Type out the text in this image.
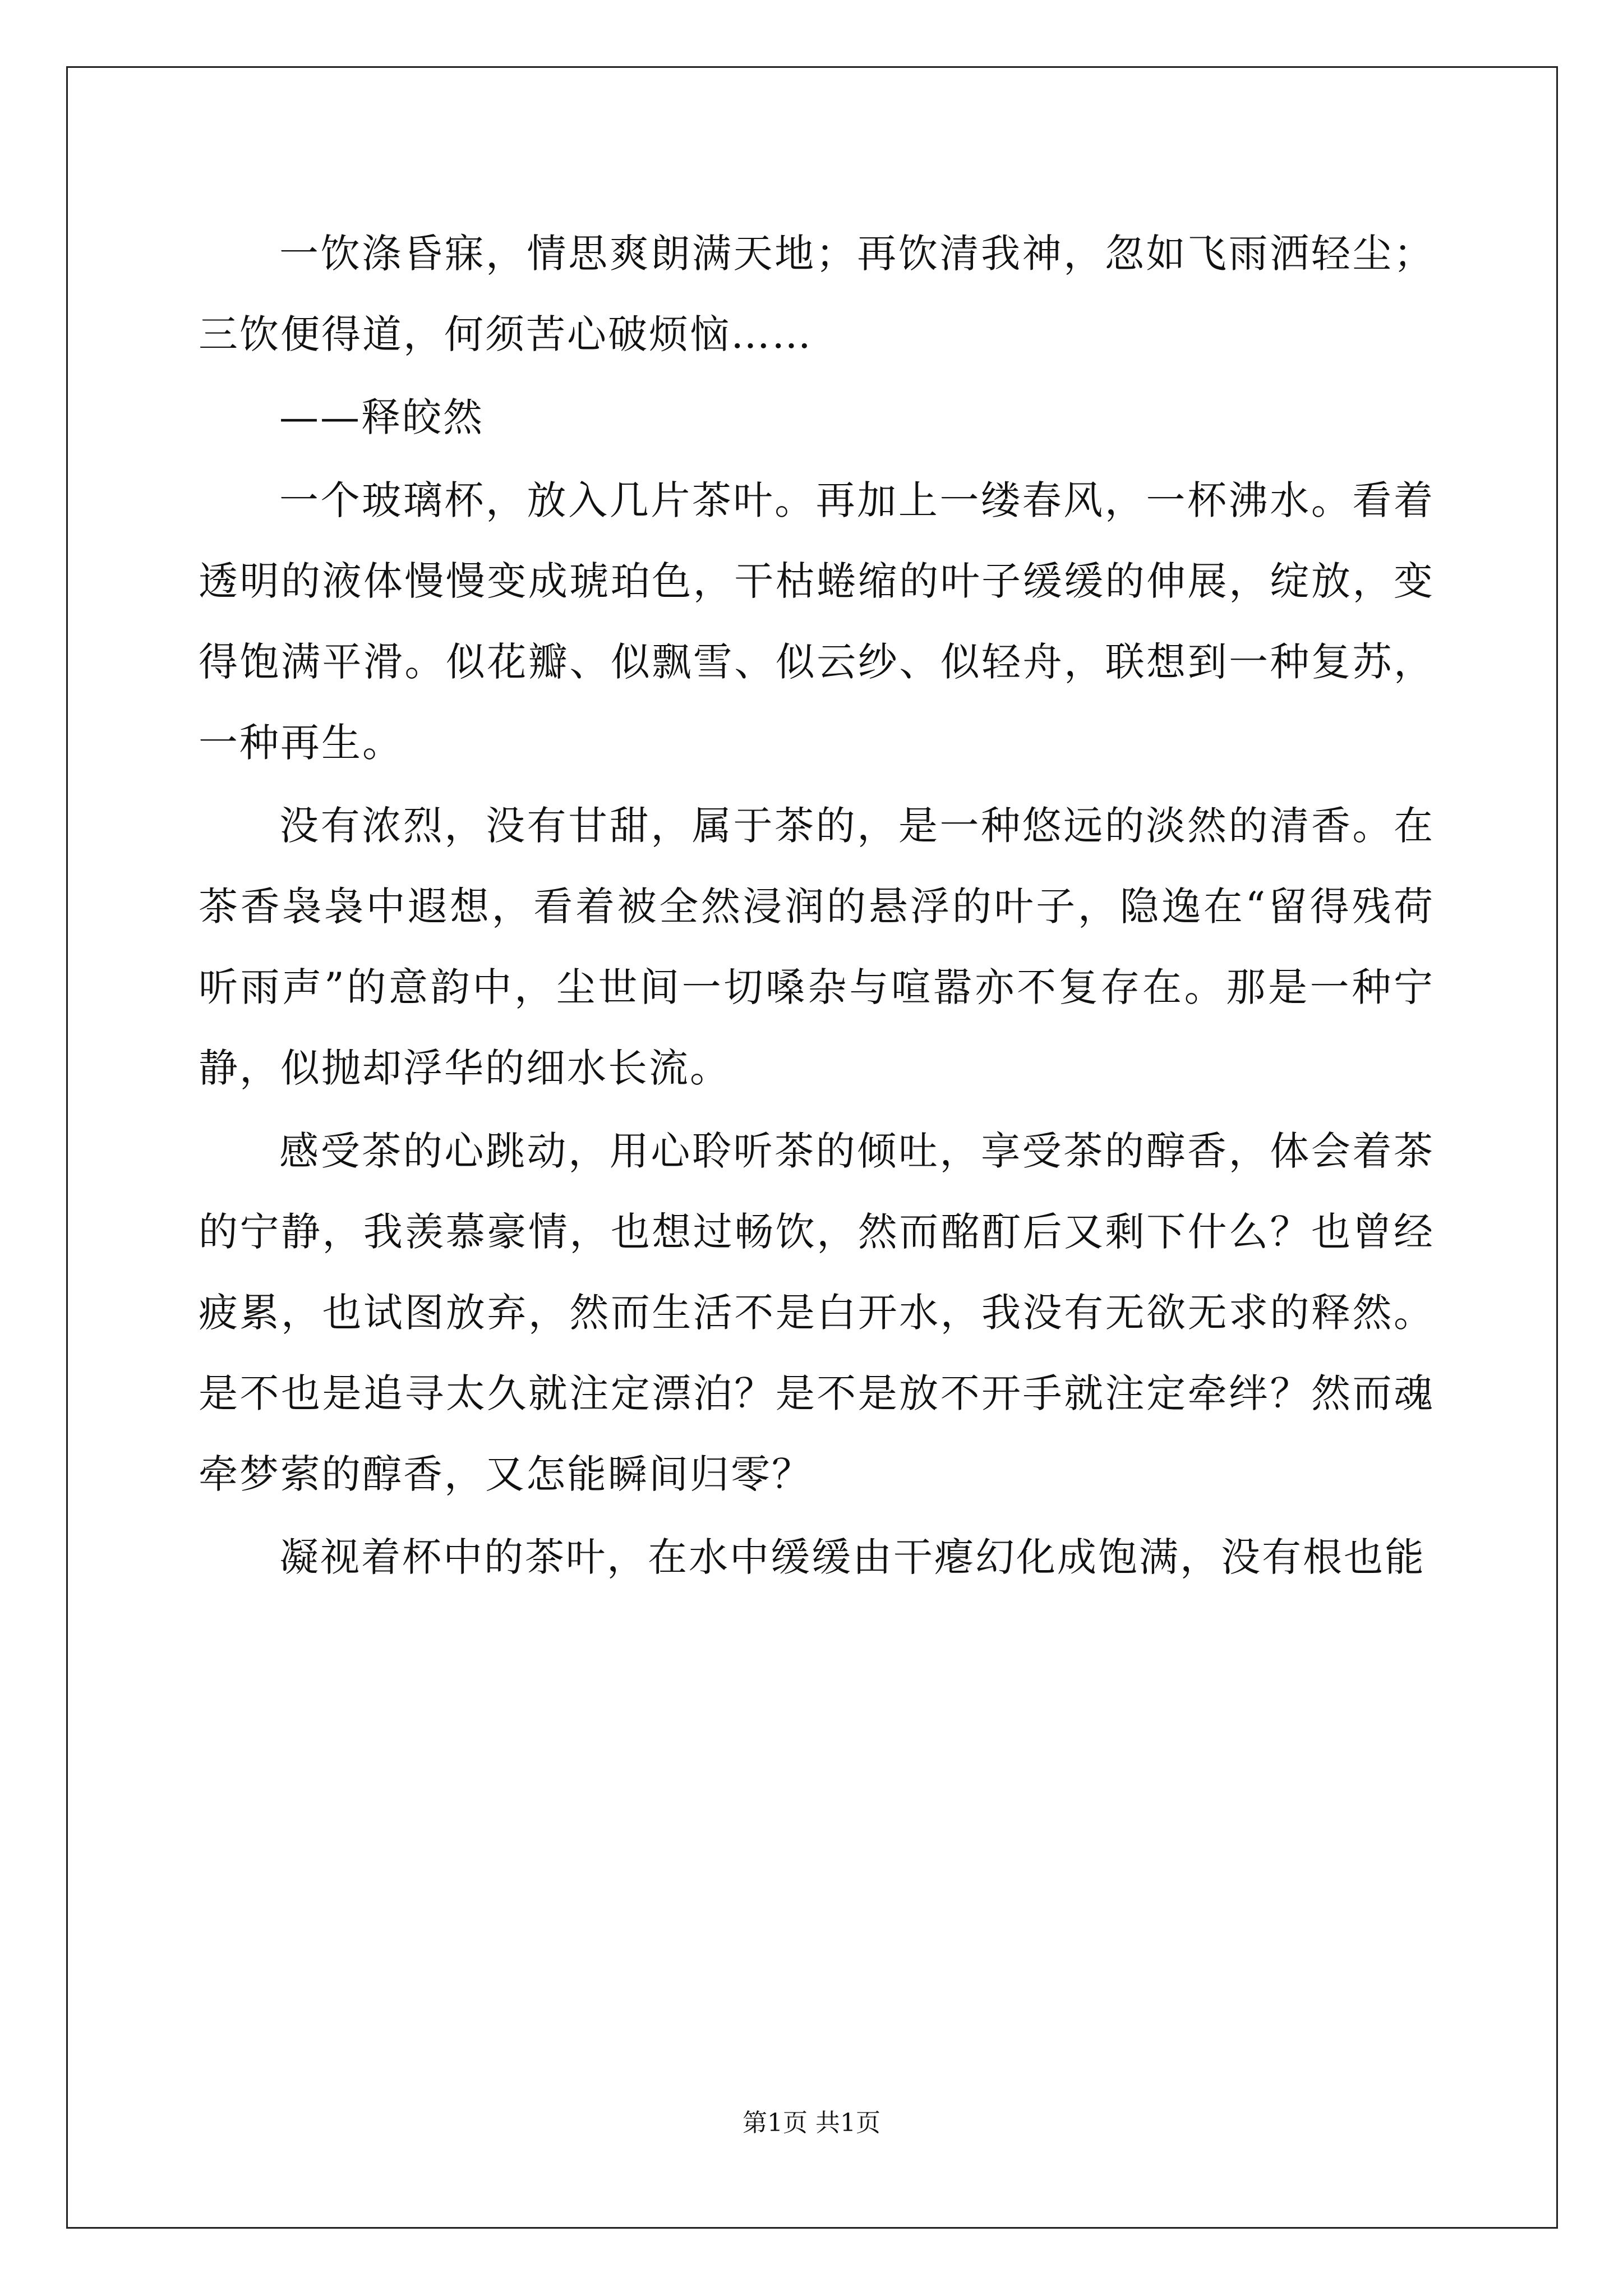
一饮涤昏寐，情思爽朗满天地；再饮清我神，忽如飞雨洒轻尘；三饮便得道，何须苦心破烦恼……

——释皎然

一个玻璃杯，放入几片茶叶。再加上一缕春风，一杯沸水。看着透明的液体慢慢变成琥珀色，干枯蜷缩的叶子缓缓的伸展，绽放，变得饱满平滑。似花瓣、似飘雪、似云纱、似轻舟，联想到一种复苏，一种再生。

没有浓烈，没有甘甜，属于茶的，是一种悠远的淡然的清香。在茶香袅袅中遐想，看着被全然浸润的悬浮的叶子，隐逸在“留得残荷听雨声”的意韵中，尘世间一切嗓杂与喧嚣亦不复存在。那是一种宁静，似抛却浮华的细水长流。

感受茶的心跳动，用心聆听茶的倾吐，享受茶的醇香，体会着茶的宁静，我羡慕豪情，也想过畅饮，然而酩酊后又剩下什么？也曾经疲累，也试图放弃，然而生活不是白开水，我没有无欲无求的释然。是不也是追寻太久就注定漂泊？是不是放不开手就注定牵绊？然而魂牵梦萦的醇香，又怎能瞬间归零？

凝视着杯中的茶叶，在水中缓缓由干瘪幻化成饱满，没有根也能

第1页 共1页
